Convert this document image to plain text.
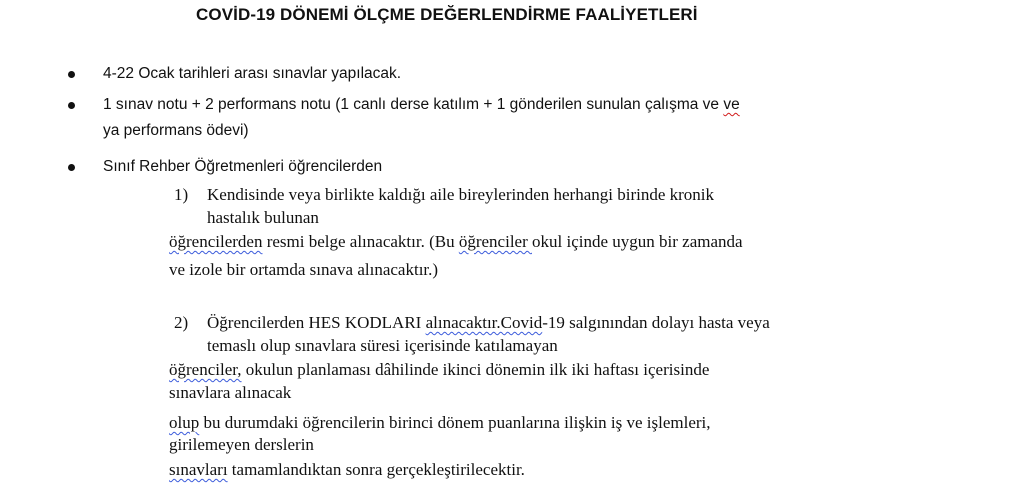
COVİD-19 DÖNEMİ ÖLÇME DEĞERLENDİRME FAALİYETLERİ
4-22 Ocak tarihleri arası sınavlar yapılacak.
1 sınav notu + 2 performans notu (1 canlı derse katılım + 1 gönderilen sunulan çalışma ve ve
ya performans ödevi)
Sınıf Rehber Öğretmenleri öğrencilerden
1) Kendisinde veya birlikte kaldığı aile bireylerinden herhangi birinde kronik
hastalık bulunan
öğrencilerden resmi belge alınacaktır. (Bu öğrenciler okul içinde uygun bir zamanda
ve izole bir ortamda sınava alınacaktır.)
2) Öğrencilerden HES KODLARI alınacaktır.Covid-19 salgınından dolayı hasta veya
temaslı olup sınavlara süresi içerisinde katılamayan
öğrenciler, okulun planlaması dâhilinde ikinci dönemin ilk iki haftası içerisinde
sınavlara alınacak
olup bu durumdaki öğrencilerin birinci dönem puanlarına ilişkin iş ve işlemleri,
girilemeyen derslerin
sınavları tamamlandıktan sonra gerçekleştirilecektir.
